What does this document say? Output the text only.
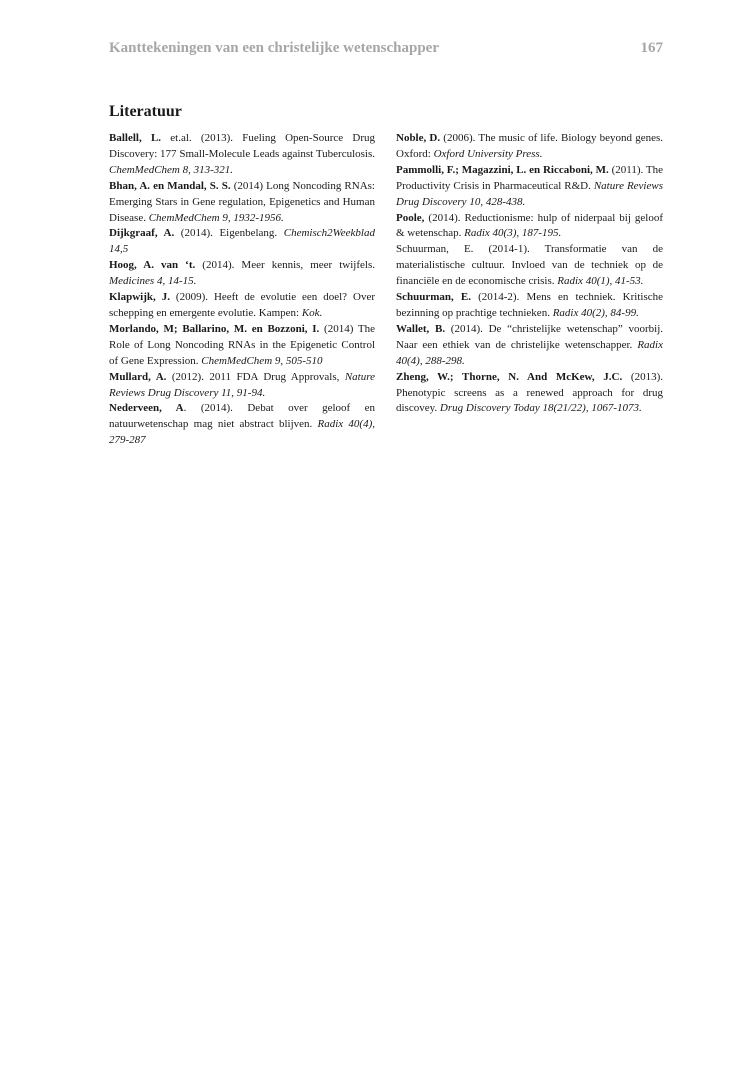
Kanttekeningen van een christelijke wetenschapper	167
Literatuur

Ballell, L. et.al. (2013). Fueling Open-Source Drug Discovery: 177 Small-Molecule Leads against Tuberculosis. ChemMedChem 8, 313-321.

Bhan, A. en Mandal, S. S. (2014) Long Noncoding RNAs: Emerging Stars in Gene regulation, Epigenetics and Human Disease. ChemMedChem 9, 1932-1956.

Dijkgraaf, A. (2014). Eigenbelang. Chemisch2Weekblad 14,5

Hoog, A. van ‘t. (2014). Meer kennis, meer twijfels. Medicines 4, 14-15.

Klapwijk, J. (2009). Heeft de evolutie een doel? Over schepping en emergente evolutie. Kampen: Kok.

Morlando, M; Ballarino, M. en Bozzoni, I. (2014) The Role of Long Noncoding RNAs in the Epigenetic Control of Gene Expression. ChemMedChem 9, 505-510

Mullard, A. (2012). 2011 FDA Drug Approvals, Nature Reviews Drug Discovery 11, 91-94.

Nederveen, A. (2014). Debat over geloof en natuurwetenschap mag niet abstract blijven. Radix 40(4), 279-287

Noble, D. (2006). The music of life. Biology beyond genes. Oxford: Oxford University Press.

Pammolli, F.; Magazzini, L. en Riccaboni, M. (2011). The Productivity Crisis in Pharmaceutical R&D. Nature Reviews Drug Discovery 10, 428-438.

Poole, (2014). Reductionisme: hulp of niderpaal bij geloof & wetenschap. Radix 40(3), 187-195.

Schuurman, E. (2014-1). Transformatie van de materialistische cultuur. Invloed van de techniek op de financiële en de economische crisis. Radix 40(1), 41-53.

Schuurman, E. (2014-2). Mens en techniek. Kritische bezinning op prachtige technieken. Radix 40(2), 84-99.

Wallet, B. (2014). De “christelijke wetenschap” voorbij. Naar een ethiek van de christelijke wetenschapper. Radix 40(4), 288-298.

Zheng, W.; Thorne, N. And McKew, J.C. (2013). Phenotypic screens as a renewed approach for drug discovey. Drug Discovery Today 18(21/22), 1067-1073.
